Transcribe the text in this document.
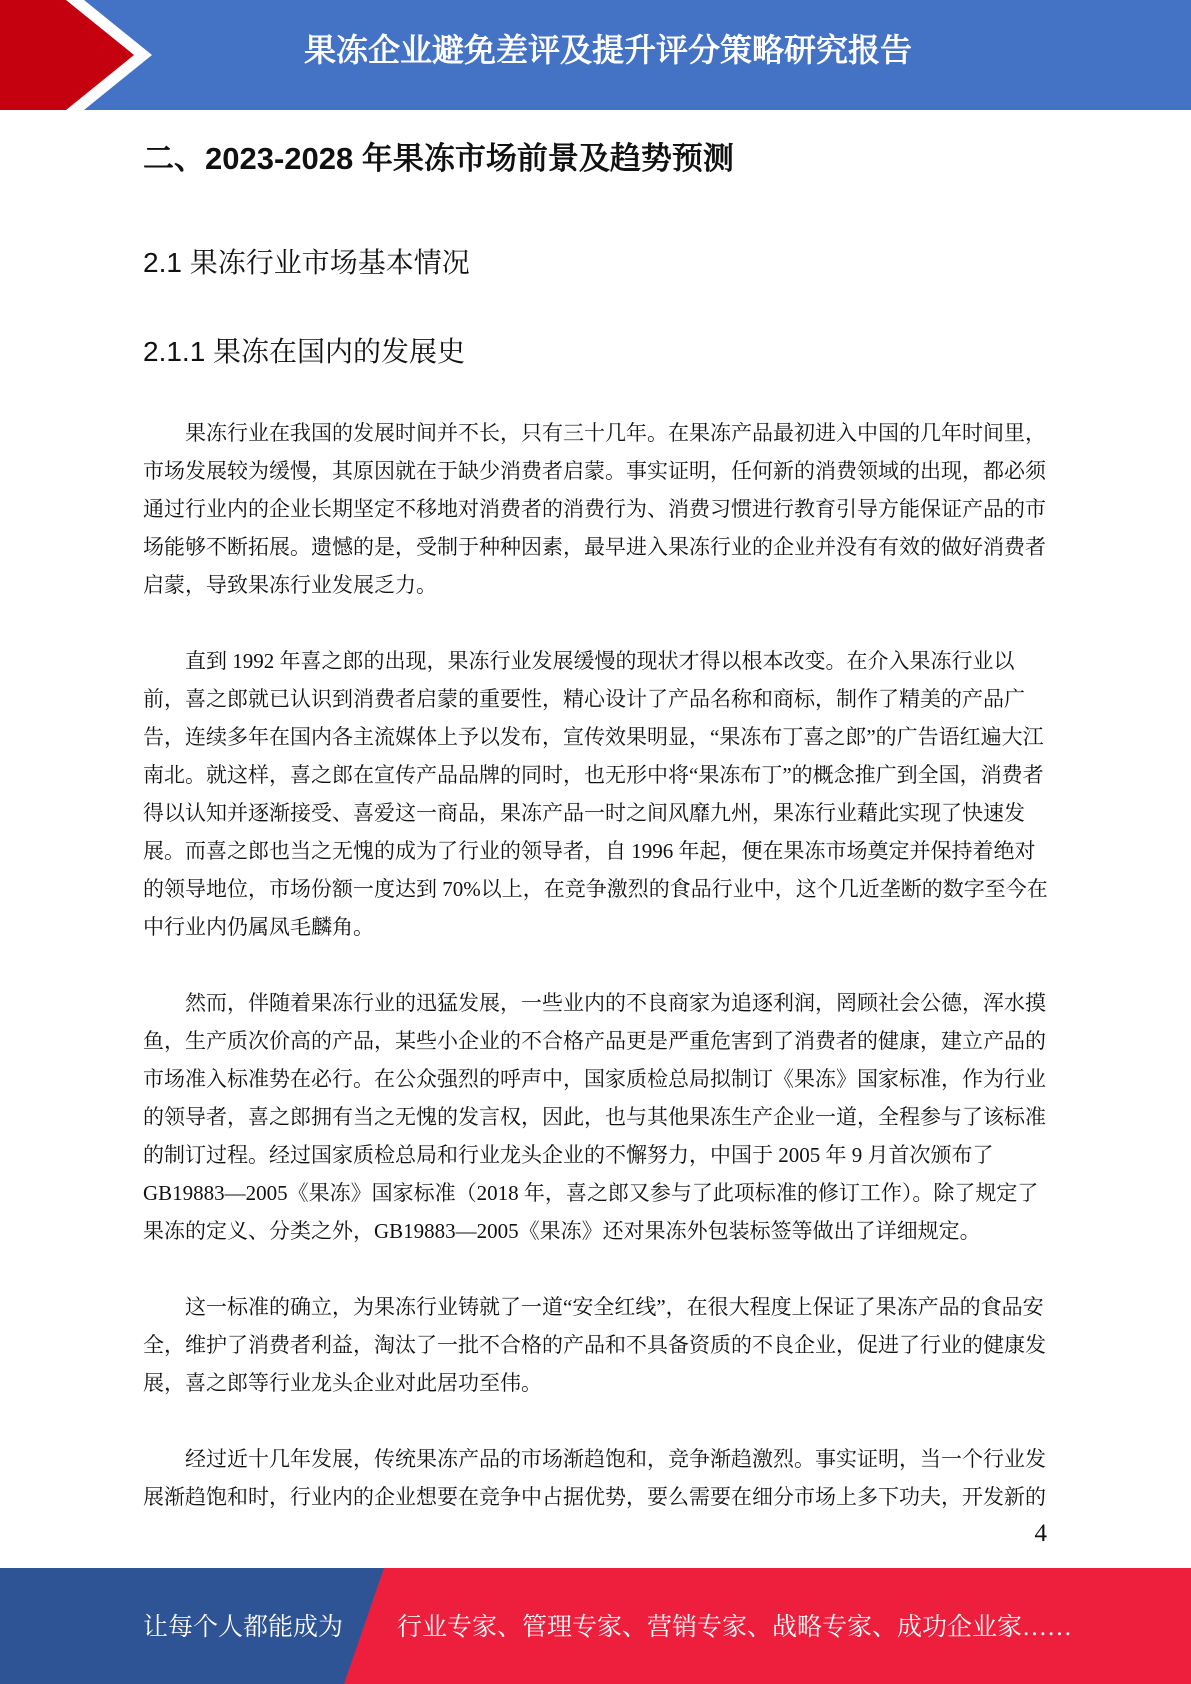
果冻企业避免差评及提升评分策略研究报告
二、2023-2028 年果冻市场前景及趋势预测
2.1 果冻行业市场基本情况
2.1.1 果冻在国内的发展史
果冻行业在我国的发展时间并不长，只有三十几年。在果冻产品最初进入中国的几年时间里，
市场发展较为缓慢，其原因就在于缺少消费者启蒙。事实证明，任何新的消费领域的出现，都必须
通过行业内的企业长期坚定不移地对消费者的消费行为、消费习惯进行教育引导方能保证产品的市
场能够不断拓展。遗憾的是，受制于种种因素，最早进入果冻行业的企业并没有有效的做好消费者
启蒙，导致果冻行业发展乏力。
直到 1992 年喜之郎的出现，果冻行业发展缓慢的现状才得以根本改变。在介入果冻行业以
前，喜之郎就已认识到消费者启蒙的重要性，精心设计了产品名称和商标，制作了精美的产品广
告，连续多年在国内各主流媒体上予以发布，宣传效果明显，“果冻布丁喜之郎”的广告语红遍大江
南北。就这样，喜之郎在宣传产品品牌的同时，也无形中将“果冻布丁”的概念推广到全国，消费者
得以认知并逐渐接受、喜爱这一商品，果冻产品一时之间风靡九州，果冻行业藉此实现了快速发
展。而喜之郎也当之无愧的成为了行业的领导者，自 1996 年起，便在果冻市场奠定并保持着绝对
的领导地位，市场份额一度达到 70%以上，在竞争激烈的食品行业中，这个几近垄断的数字至今在
中行业内仍属凤毛麟角。
然而，伴随着果冻行业的迅猛发展，一些业内的不良商家为追逐利润，罔顾社会公德，浑水摸
鱼，生产质次价高的产品，某些小企业的不合格产品更是严重危害到了消费者的健康，建立产品的
市场准入标准势在必行。在公众强烈的呼声中，国家质检总局拟制订《果冻》国家标准，作为行业
的领导者，喜之郎拥有当之无愧的发言权，因此，也与其他果冻生产企业一道，全程参与了该标准
的制订过程。经过国家质检总局和行业龙头企业的不懈努力，中国于 2005 年 9 月首次颁布了
GB19883—2005《果冻》国家标准（2018 年，喜之郎又参与了此项标准的修订工作）。除了规定了
果冻的定义、分类之外，GB19883—2005《果冻》还对果冻外包装标签等做出了详细规定。
这一标准的确立，为果冻行业铸就了一道“安全红线”，在很大程度上保证了果冻产品的食品安
全，维护了消费者利益，淘汰了一批不合格的产品和不具备资质的不良企业，促进了行业的健康发
展，喜之郎等行业龙头企业对此居功至伟。
经过近十几年发展，传统果冻产品的市场渐趋饱和，竞争渐趋激烈。事实证明，当一个行业发
展渐趋饱和时，行业内的企业想要在竞争中占据优势，要么需要在细分市场上多下功夫，开发新的
4
让每个人都能成为 行业专家、管理专家、营销专家、战略专家、成功企业家……
